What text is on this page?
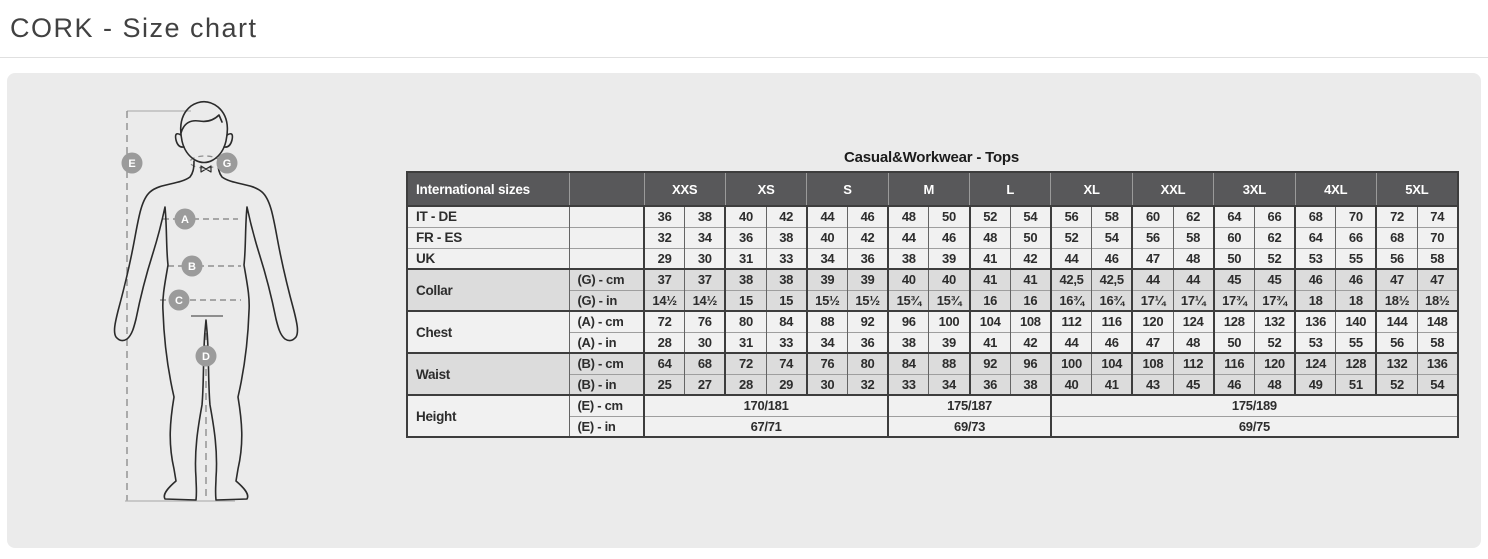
CORK - Size chart
E	G
A
B
C
D
Casual&Workwear - Tops
International sizes		XXS		XS		S		M		L		XL		XXL		3XL		4XL		5XL	
IT - DE		36	38	40	42	44	46	48	50	52	54	56	58	60	62	64	66	68	70	72	74
FR - ES		32	34	36	38	40	42	44	46	48	50	52	54	56	58	60	62	64	66	68	70
UK		29	30	31	33	34	36	38	39	41	42	44	46	47	48	50	52	53	55	56	58
Collar	(G) - cm	37	37	38	38	39	39	40	40	41	41	42,5	42,5	44	44	45	45	46	46	47	47
	(G) - in	14½	14½	15	15	15½	15½	15¾	15¾	16	16	16¾	16¾	17¼	17¼	17¾	17¾	18	18	18½	18½
Chest	(A) - cm	72	76	80	84	88	92	96	100	104	108	112	116	120	124	128	132	136	140	144	148
	(A) - in	28	30	31	33	34	36	38	39	41	42	44	46	47	48	50	52	53	55	56	58
Waist	(B) - cm	64	68	72	74	76	80	84	88	92	96	100	104	108	112	116	120	124	128	132	136
	(B) - in	25	27	28	29	30	32	33	34	36	38	40	41	43	45	46	48	49	51	52	54
Height	(E) - cm	170/181						175/187				175/189									
	(E) - in	67/71						69/73				69/75									
